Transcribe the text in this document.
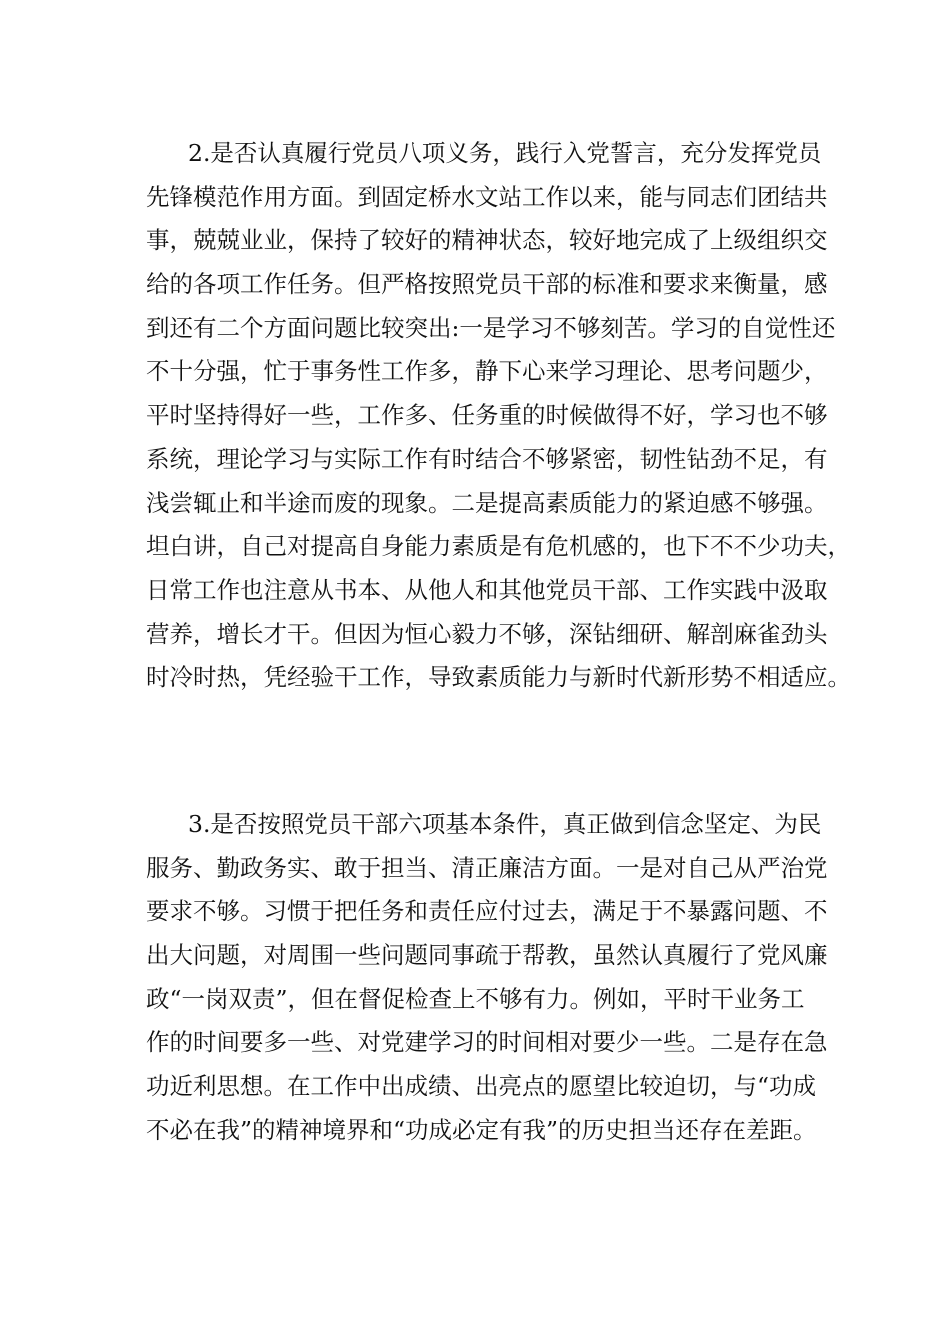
2.是否认真履行党员八项义务，践行入党誓言，充分发挥党员
先锋模范作用方面。到固定桥水文站工作以来，能与同志们团结共
事，兢兢业业，保持了较好的精神状态，较好地完成了上级组织交
给的各项工作任务。但严格按照党员干部的标准和要求来衡量，感
到还有二个方面问题比较突出:一是学习不够刻苦。学习的自觉性还
不十分强，忙于事务性工作多，静下心来学习理论、思考问题少，
平时坚持得好一些，工作多、任务重的时候做得不好，学习也不够
系统，理论学习与实际工作有时结合不够紧密，韧性钻劲不足，有
浅尝辄止和半途而废的现象。二是提高素质能力的紧迫感不够强。
坦白讲，自己对提高自身能力素质是有危机感的，也下不不少功夫，
日常工作也注意从书本、从他人和其他党员干部、工作实践中汲取
营养，增长才干。但因为恒心毅力不够，深钻细研、解剖麻雀劲头
时冷时热，凭经验干工作，导致素质能力与新时代新形势不相适应。
3.是否按照党员干部六项基本条件，真正做到信念坚定、为民
服务、勤政务实、敢于担当、清正廉洁方面。一是对自己从严治党
要求不够。习惯于把任务和责任应付过去，满足于不暴露问题、不
出大问题，对周围一些问题同事疏于帮教，虽然认真履行了党风廉
政“一岗双责”，但在督促检查上不够有力。例如，平时干业务工
作的时间要多一些、对党建学习的时间相对要少一些。二是存在急
功近利思想。在工作中出成绩、出亮点的愿望比较迫切，与“功成
不必在我”的精神境界和“功成必定有我”的历史担当还存在差距。
